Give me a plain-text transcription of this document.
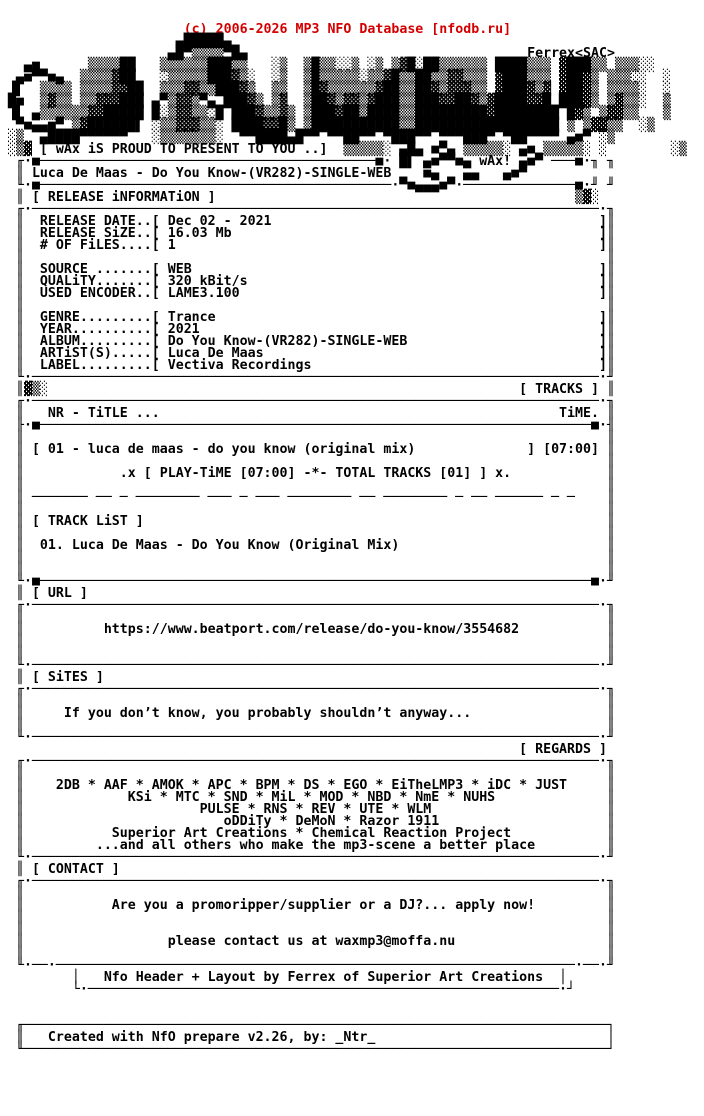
(c) 2006-2026 MP3 NFO Database [nfodb.ru]
▄█████▄
▄█▀▒▒▒▒▀█▄                                   Ferrex<SAC>
▄■      ▒▒▒▒██   ▒▒▒▒▒▒███▒▒   ░▒  ▒█▒▒░░▒ ░▒ ▒▓█░██▒▒▒▒▒▒ ████▒▒▒ ▓███▒▒ ▒▒▒░░
▄■▀▀■▄  ▒▒▒▒▓██   ░▒▒▒▒▒███▓▒░  ░▒  ▒█▒▒▒▒▒░▒▒▓█▒▒██▒▒▓▓▒▒▒ ▓███▒▒▒ ▓██▓▒ ▒▒▒░░  ░
▐▌  ▒▒▒▒ ▒▒▒▒▓▓██  ▒▒▒▓▓▒▒███▓▒  ▒▒  ▒█▓▒▒▒▒▒▒▓██▒▒██▓▒▓▓▓▒▒ ▓███▓▒▓ ▓██▓▒ ▒▒▒▒░  ░
█■  ▒▓▒▒ ▒▒▓▓▓███ ▄▀▒▓▓▒▀▄ ███▓▒ ▒▓  ▒██▓▒▓▓▒▓███▒▒███▓▓██▓▒▓████▓▓█ ███▓▒ ▒▓▒▒░  ▒
▐▌ ▄▒▒▒▒▒▒▓▓█████ █░▒▓▓▒▒░█ ███▓▒▒▓▒ ▒███▓██▒████▒▒█████████▓████████ █▓▒ ▒▓▓▒▒   ▒
▀■▄▄■▀ ▒▓██████▌ ░▒▒▓▓▓▒▒░ ████▓▓█▒ ▒███████████▒▒██████████████████ ▒ ▒▓▓▒▒  ░▒
░▒  ▄████▀▀▀▀▀▀   ░▒▒▒▒▒▒▒░  ▀▀████▄█▀▀ ▀▀██▀▀ ▀███▀▀ ▀▀▀███▀ ▀██▀▀▀▀ ▄■▀ ░▒
░▒▓ [ wAx iS PROUD TO PRESENT TO YOU ..]  ▒▒▒▒▒░ ▄█▄ ■▀▄ ▒▒▒▒▒░ ▄■ ▒▒▒▒▒░ ░        ░▒
╓·■──────────────────────────────────────────■· █▌ ▄■▀▀■▄ wAx! ▄■▀ ───■·╖ ╖
║ Luca De Maas - Do You Know-(VR282)-SINGLE-WEB    ■▄   ▄▄   ▄■▀
╙·■────────────────────────────────────────────·▀■▄▄▄■▀·──────────────■·╜ ╜
║ [ RELEASE iNFORMATiON ]                                             ▒▓░
╓·───────────────────────────────────────────────────────────────────────·╖
║  RELEASE DATE..[ Dec 02 - 2021                                         ]║
║  RELEASE SiZE..[ 16.03 Mb                                              ]║
║  # OF FiLES....[ 1                                                     ]║
║                                                                         ║
║  SOURCE .......[ WEB                                                   ]║
║  QUALiTY.......[ 320 kBit/s                                            ]║
║  USED ENCODER..[ LAME3.100                                             ]║
║                                                                         ║
║  GENRE.........[ Trance                                                ]║
║  YEAR..........[ 2021                                                  ]║
║  ALBUM.........[ Do You Know-(VR282)-SINGLE-WEB                        ]║
║  ARTiST(S).....[ Luca De Maas                                          ]║
║  LABEL.........[ Vectiva Recordings                                    ]║
╙·───────────────────────────────────────────────────────────────────────·╜
║▓▒░                                                           [ TRACKS ] ║
╓·───────────────────────────────────────────────────────────────────────·╖
║   NR - TiTLE ...                                                  TiME. ║
╟·■─────────────────────────────────────────────────────────────────────■·╢
║                                                                         ║
║ [ 01 - luca de maas - do you know (original mix)              ] [07:00] ║
║                                                                         ║
║            .x [ PLAY-TiME [07:00] -*- TOTAL TRACKS [01] ] x.            ║
║                                                                         ║
║ ─────── ── ─ ──────── ─── ─ ─── ──────── ── ──────── ─ ── ────── ─ ─    ║
║                                                                         ║
║ [ TRACK LiST ]                                                          ║
║                                                                         ║
║  01. Luca De Maas - Do You Know (Original Mix)                          ║
║                                                                         ║
║                                                                         ║
╙·■─────────────────────────────────────────────────────────────────────■·╜
║ [ URL ]
╓·───────────────────────────────────────────────────────────────────────·╖
║                                                                         ║
║          https://www.beatport.com/release/do-you-know/3554682           ║
║                                                                         ║
║                                                                         ║
╙·───────────────────────────────────────────────────────────────────────·╜
║ [ SiTES ]
╓·───────────────────────────────────────────────────────────────────────·╖
║                                                                         ║
║     If you don’t know, you probably shouldn’t anyway...                 ║
║                                                                         ║
╙·───────────────────────────────────────────────────────────────────────·╜
[ REGARDS ]
╓·───────────────────────────────────────────────────────────────────────·╖
║                                                                         ║
║    2DB * AAF * AMOK * APC * BPM * DS * EGO * EiTheLMP3 * iDC * JUST     ║
║             KSi * MTC * SND * MiL * MOD * NBD * NmE * NUHS              ║
║                      PULSE * RNS * REV * UTE * WLM                      ║
║                         oDDiTy * DeMoN * Razor 1911                     ║
║           Superior Art Creations * Chemical Reaction Project            ║
║         ...and all others who make the mp3-scene a better place         ║
╙·───────────────────────────────────────────────────────────────────────·╜
║ [ CONTACT ]
╓·───────────────────────────────────────────────────────────────────────·╖
║                                                                         ║
║           Are you a promoripper/supplier or a DJ?... apply now!         ║
║                                                                         ║
║                                                                         ║
║                  please contact us at waxmp3@moffa.nu                   ║
║                                                                         ║
╙·──·─────────────────────────────────────────────────────────────────·──·╜
│   Nfo Header + Layout by Ferrex of Superior Art Creations  │
└·───────────────────────────────────────────────────────────·┘

╓─────────────────────────────────────────────────────────────────────────┐
║   Created with NfO prepare v2.26, by: _Ntr_                             │
╙─────────────────────────────────────────────────────────────────────────┘
